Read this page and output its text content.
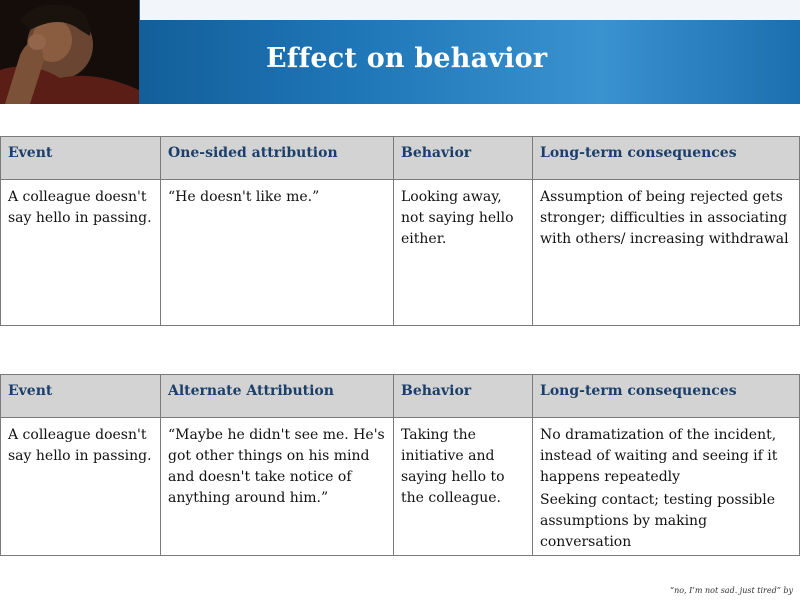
Effect on behavior
Event	One-sided attribution	Behavior	Long-term consequences
A colleague doesn't say hello in passing.	“He doesn't like me.”	Looking away, not saying hello either.	Assumption of being rejected gets stronger; difficulties in associating with others/ increasing withdrawal
Event	Alternate Attribution	Behavior	Long-term consequences
A colleague doesn't say hello in passing.	“Maybe he didn't see me. He's got other things on his mind and doesn't take notice of anything around him.”	Taking the initiative and saying hello to the colleague.	No dramatization of the incident, instead of waiting and seeing if it happens repeatedly
Seeking contact; testing possible assumptions by making conversation
“no, I’m not sad. just tired” by
